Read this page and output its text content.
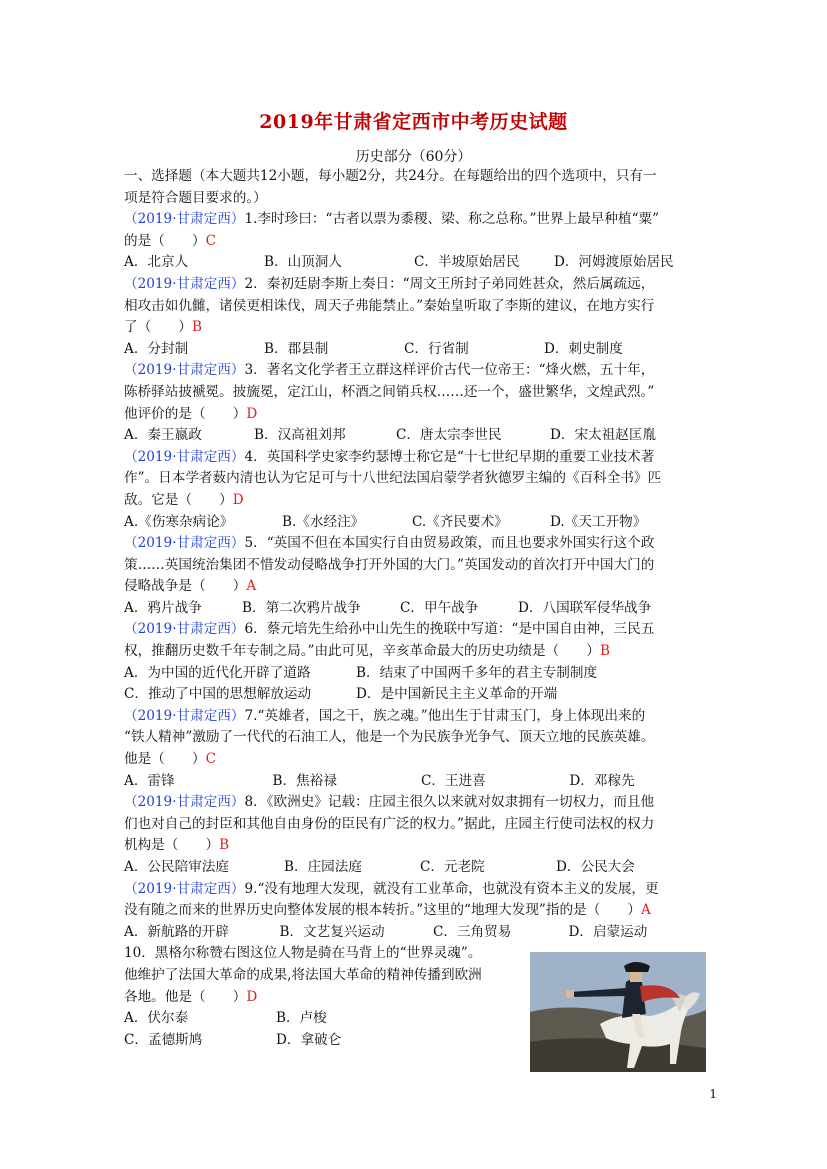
2019年甘肃省定西市中考历史试题
历史部分（60分）

一、选择题（本大题共12小题，每小题2分，共24分。在每题给出的四个选项中，只有一

项是符合题目要求的。）

（2019·甘肃定西）1.李时珍曰：“古者以票为黍稷、梁、称之总称。”世界上最早种植“粟”

的是（　　）C

A．北京人	B．山顶洞人	C．半坡原始居民	D．河姆渡原始居民

（2019·甘肃定西）2．秦初廷尉李斯上奏日：“周文王所封子弟同姓甚众，然后属疏远，

相攻击如仇雠，诸侯更相诛伐，周天子弗能禁止。”秦始皇听取了李斯的建议，在地方实行

了（　　）B

A．分封制	B．郡县制	C．行省制	D．刺史制度

（2019·甘肃定西）3．著名文化学者王立群这样评价古代一位帝王：“烽火燃，五十年，

陈桥驿站披褫冕。披旒冕，定江山，杯酒之间销兵权……还一个，盛世繁华，文煌武烈。”

他评价的是（　　）D

A．秦王嬴政	B．汉高祖刘邦	C．唐太宗李世民	D．宋太祖赵匡胤

（2019·甘肃定西）4．英国科学史家李约瑟博士称它是“十七世纪早期的重要工业技术著

作”。日本学者薮内清也认为它足可与十八世纪法国启蒙学者狄德罗主编的《百科全书》匹

敌。它是（　　）D

A.《伤寒杂病论》	B.《水经注》	C.《齐民要术》	D.《天工开物》

（2019·甘肃定西）5．“英国不但在本国实行自由贸易政策，而且也要求外国实行这个政

策……英国统治集团不惜发动侵略战争打开外国的大门。”英国发动的首次打开中国大门的

侵略战争是（　　）A

A．鸦片战争	B．第二次鸦片战争	C．甲午战争	D．八国联军侵华战争

（2019·甘肃定西）6．蔡元培先生给孙中山先生的挽联中写道：“是中国自由神，三民五

权，推翻历史数千年专制之局。”由此可见，辛亥革命最大的历史功绩是（　　）B

A．为中国的近代化开辟了道路	B．结束了中国两千多年的君主专制制度
C．推动了中国的思想解放运动	D．是中国新民主主义革命的开端

（2019·甘肃定西）7.“英雄者，国之干，族之魂。”他出生于甘肃玉门，身上体现出来的

“铁人精神”激励了一代代的石油工人，他是一个为民族争光争气、顶天立地的民族英雄。

他是（　　）C

A．雷锋	B．焦裕禄	C．王进喜	D．邓稼先

（2019·甘肃定西）8．《欧洲史》记载：庄园主很久以来就对奴隶拥有一切权力，而且他

们也对自己的封臣和其他自由身份的臣民有广泛的权力。”据此，庄园主行使司法权的权力

机构是（　　）B

A．公民陪审法庭	B．庄园法庭	C．元老院	D．公民大会

（2019·甘肃定西）9.“没有地理大发现，就没有工业革命，也就没有资本主义的发展，更

没有随之而来的世界历史向整体发展的根本转折。”这里的“地理大发现”指的是（　　）A

A．新航路的开辟	B．文艺复兴运动	C．三角贸易	D．启蒙运动

10．黑格尔称赞右图这位人物是骑在马背上的“世界灵魂”。

他维护了法国大革命的成果,将法国大革命的精神传播到欧洲

各地。他是（　　）D

A．伏尔泰	B．卢梭
C．孟德斯鸠	D．拿破仑
1
